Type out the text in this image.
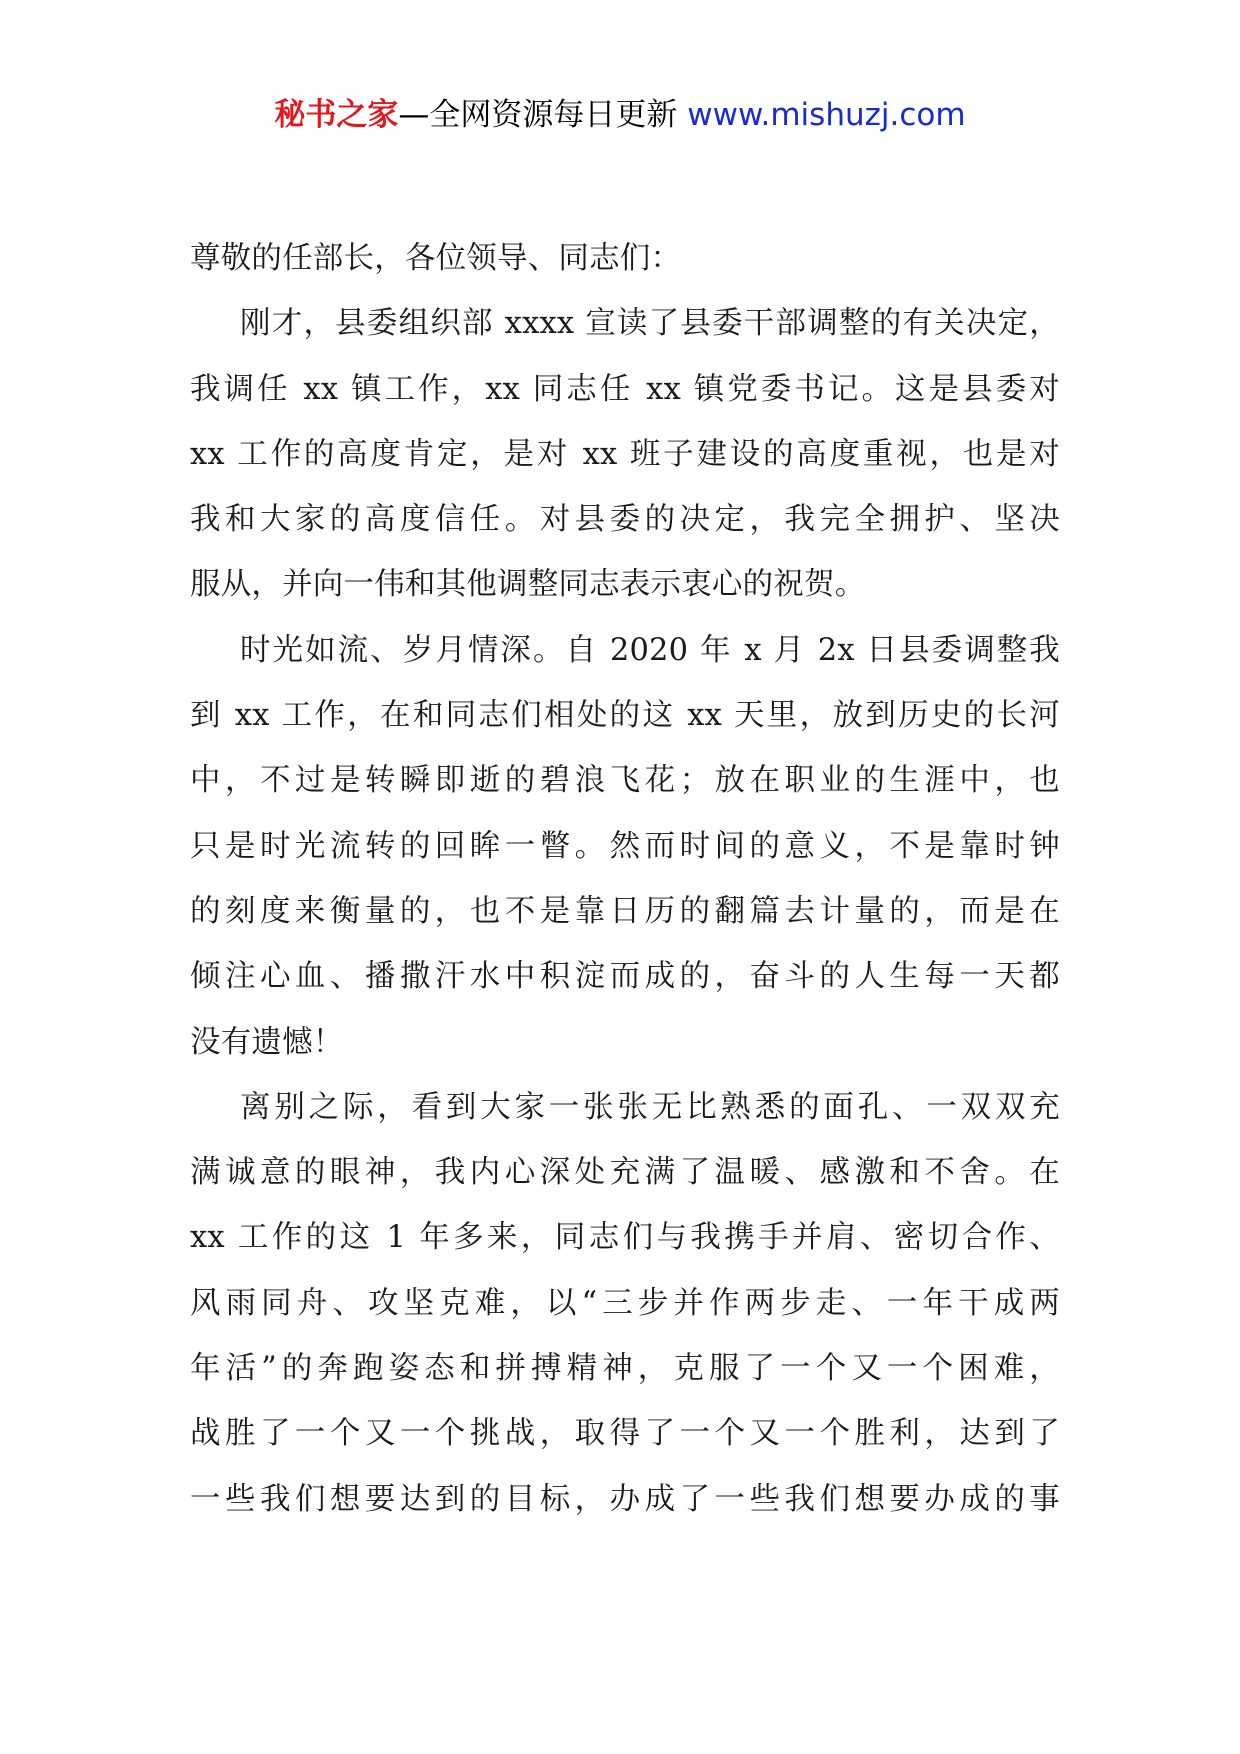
秘书之家—全网资源每日更新 www.mishuzj.com
尊敬的任部长，各位领导、同志们：
刚才，县委组织部 xxxx 宣读了县委干部调整的有关决定，
我调任 xx 镇工作，xx 同志任 xx 镇党委书记。这是县委对
xx 工作的高度肯定，是对 xx 班子建设的高度重视，也是对
我和大家的高度信任。对县委的决定，我完全拥护、坚决
服从，并向一伟和其他调整同志表示衷心的祝贺。
时光如流、岁月情深。自 2020 年 x 月 2x 日县委调整我
到 xx 工作，在和同志们相处的这 xx 天里，放到历史的长河
中，不过是转瞬即逝的碧浪飞花；放在职业的生涯中，也
只是时光流转的回眸一瞥。然而时间的意义，不是靠时钟
的刻度来衡量的，也不是靠日历的翻篇去计量的，而是在
倾注心血、播撒汗水中积淀而成的，奋斗的人生每一天都
没有遗憾！
离别之际，看到大家一张张无比熟悉的面孔、一双双充
满诚意的眼神，我内心深处充满了温暖、感激和不舍。在
xx 工作的这 1 年多来，同志们与我携手并肩、密切合作、
风雨同舟、攻坚克难，以“三步并作两步走、一年干成两
年活”的奔跑姿态和拼搏精神，克服了一个又一个困难，
战胜了一个又一个挑战，取得了一个又一个胜利，达到了
一些我们想要达到的目标，办成了一些我们想要办成的事
